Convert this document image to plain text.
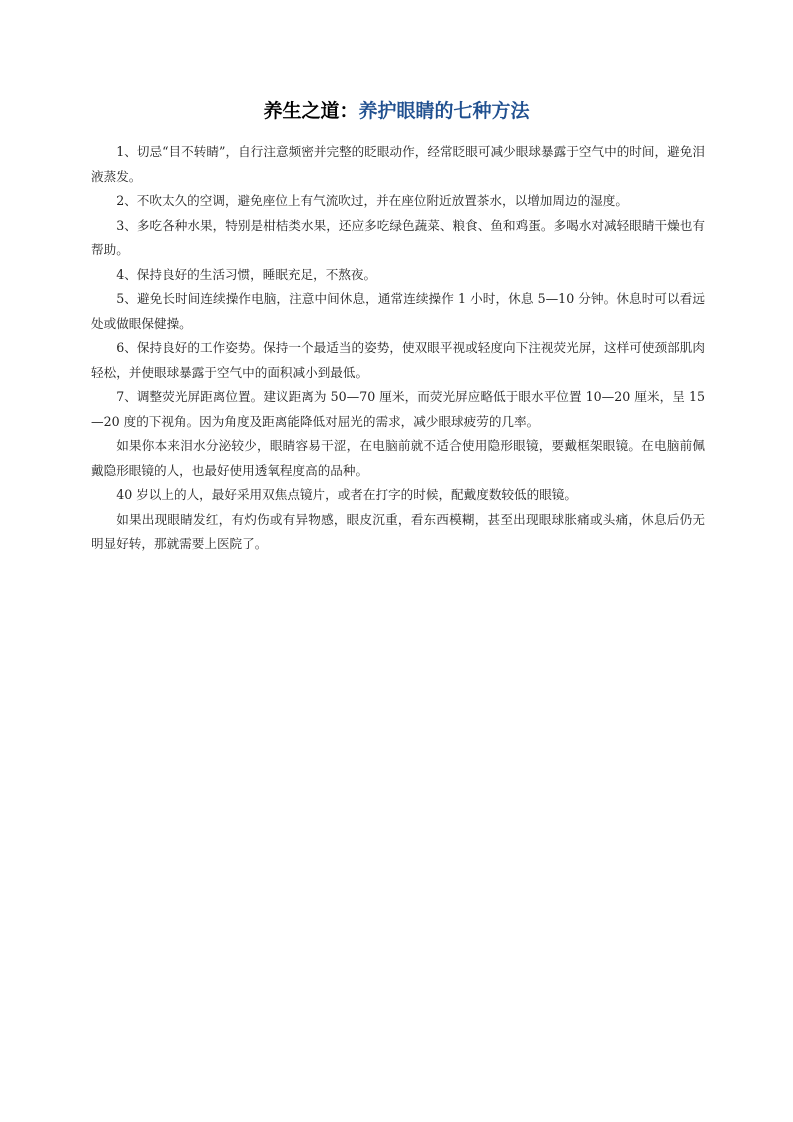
养生之道：养护眼睛的七种方法

1、切忌“目不转睛”，自行注意频密并完整的眨眼动作，经常眨眼可减少眼球暴露于空气中的时间，避免泪液蒸发。

2、不吹太久的空调，避免座位上有气流吹过，并在座位附近放置茶水，以增加周边的湿度。

3、多吃各种水果，特别是柑桔类水果，还应多吃绿色蔬菜、粮食、鱼和鸡蛋。多喝水对减轻眼睛干燥也有帮助。

4、保持良好的生活习惯，睡眠充足，不熬夜。

5、避免长时间连续操作电脑，注意中间休息，通常连续操作 1 小时，休息 5—10 分钟。休息时可以看远处或做眼保健操。

6、保持良好的工作姿势。保持一个最适当的姿势，使双眼平视或轻度向下注视荧光屏，这样可使颈部肌肉轻松，并使眼球暴露于空气中的面积减小到最低。

7、调整荧光屏距离位置。建议距离为 50—70 厘米，而荧光屏应略低于眼水平位置 10—20 厘米，呈 15—20 度的下视角。因为角度及距离能降低对屈光的需求，减少眼球疲劳的几率。

如果你本来泪水分泌较少，眼睛容易干涩，在电脑前就不适合使用隐形眼镜，要戴框架眼镜。在电脑前佩戴隐形眼镜的人，也最好使用透氧程度高的品种。

40 岁以上的人，最好采用双焦点镜片，或者在打字的时候，配戴度数较低的眼镜。

如果出现眼睛发红，有灼伤或有异物感，眼皮沉重，看东西模糊，甚至出现眼球胀痛或头痛，休息后仍无明显好转，那就需要上医院了。
